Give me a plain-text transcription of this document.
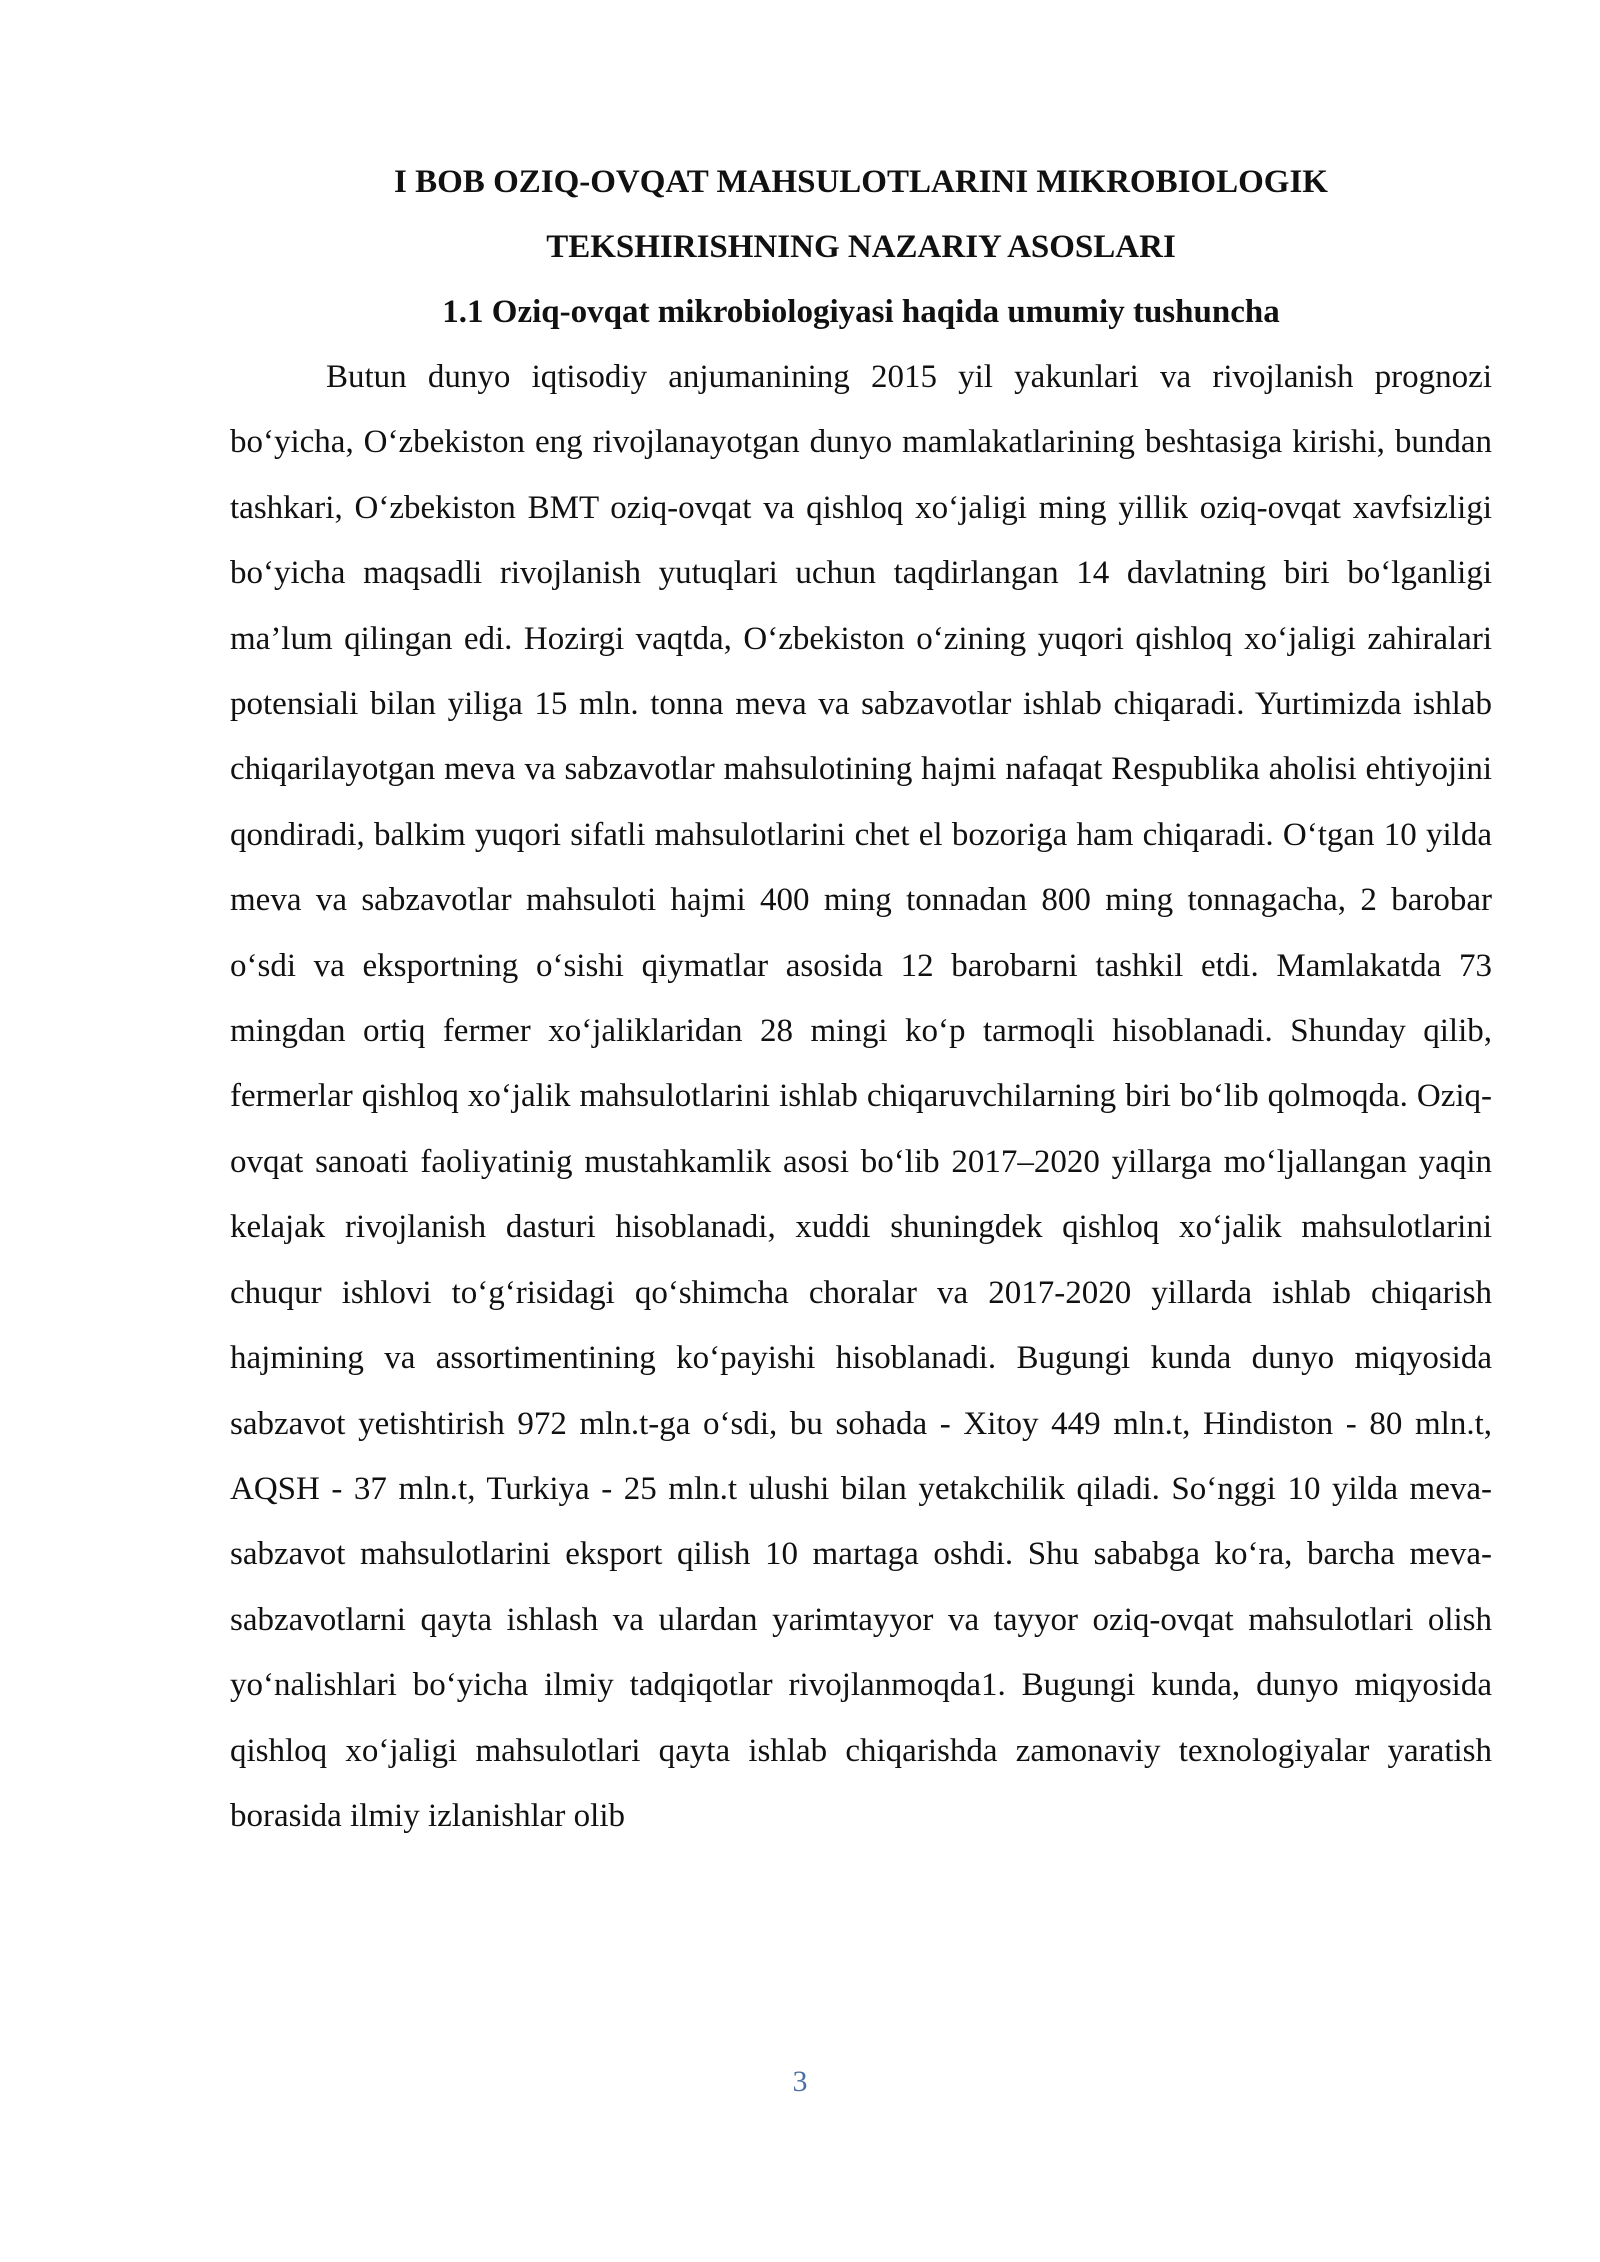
I BOB OZIQ-OVQAT MAHSULOTLARINI MIKROBIOLOGIK
TEKSHIRISHNING NAZARIY ASOSLARI
1.1 Oziq-ovqat mikrobiologiyasi haqida umumiy tushuncha

Butun dunyo iqtisodiy anjumanining 2015 yil yakunlari va rivojlanish prognozi bo‘yicha, O‘zbekiston eng rivojlanayotgan dunyo mamlakatlarining beshtasiga kirishi, bundan tashkari, O‘zbekiston BMT oziq-ovqat va qishloq xo‘jaligi ming yillik oziq-ovqat xavfsizligi bo‘yicha maqsadli rivojlanish yutuqlari uchun taqdirlangan 14 davlatning biri bo‘lganligi ma’lum qilingan edi. Hozirgi vaqtda, O‘zbekiston o‘zining yuqori qishloq xo‘jaligi zahiralari potensiali bilan yiliga 15 mln. tonna meva va sabzavotlar ishlab chiqaradi. Yurtimizda ishlab chiqarilayotgan meva va sabzavotlar mahsulotining hajmi nafaqat Respublika aholisi ehtiyojini qondiradi, balkim yuqori sifatli mahsulotlarini chet el bozoriga ham chiqaradi. O‘tgan 10 yilda meva va sabzavotlar mahsuloti hajmi 400 ming tonnadan 800 ming tonnagacha, 2 barobar o‘sdi va eksportning o‘sishi qiymatlar asosida 12 barobarni tashkil etdi. Mamlakatda 73 mingdan ortiq fermer xo‘jaliklaridan 28 mingi ko‘p tarmoqli hisoblanadi. Shunday qilib, fermerlar qishloq xo‘jalik mahsulotlarini ishlab chiqaruvchilarning biri bo‘lib qolmoqda. Oziq-ovqat sanoati faoliyatinig mustahkamlik asosi bo‘lib 2017–2020 yillarga mo‘ljallangan yaqin kelajak rivojlanish dasturi hisoblanadi, xuddi shuningdek qishloq xo‘jalik mahsulotlarini chuqur ishlovi to‘g‘risidagi qo‘shimcha choralar va 2017-2020 yillarda ishlab chiqarish hajmining va assortimentining ko‘payishi hisoblanadi. Bugungi kunda dunyo miqyosida sabzavot yetishtirish 972 mln.t-ga o‘sdi, bu sohada - Xitoy 449 mln.t, Hindiston - 80 mln.t, AQSH - 37 mln.t, Turkiya - 25 mln.t ulushi bilan yetakchilik qiladi. So‘nggi 10 yilda meva-sabzavot mahsulotlarini eksport qilish 10 martaga oshdi. Shu sababga ko‘ra, barcha meva-sabzavotlarni qayta ishlash va ulardan yarimtayyor va tayyor oziq-ovqat mahsulotlari olish yo‘nalishlari bo‘yicha ilmiy tadqiqotlar rivojlanmoqda1. Bugungi kunda, dunyo miqyosida qishloq xo‘jaligi mahsulotlari qayta ishlab chiqarishda zamonaviy texnologiyalar yaratish borasida ilmiy izlanishlar olib

3
